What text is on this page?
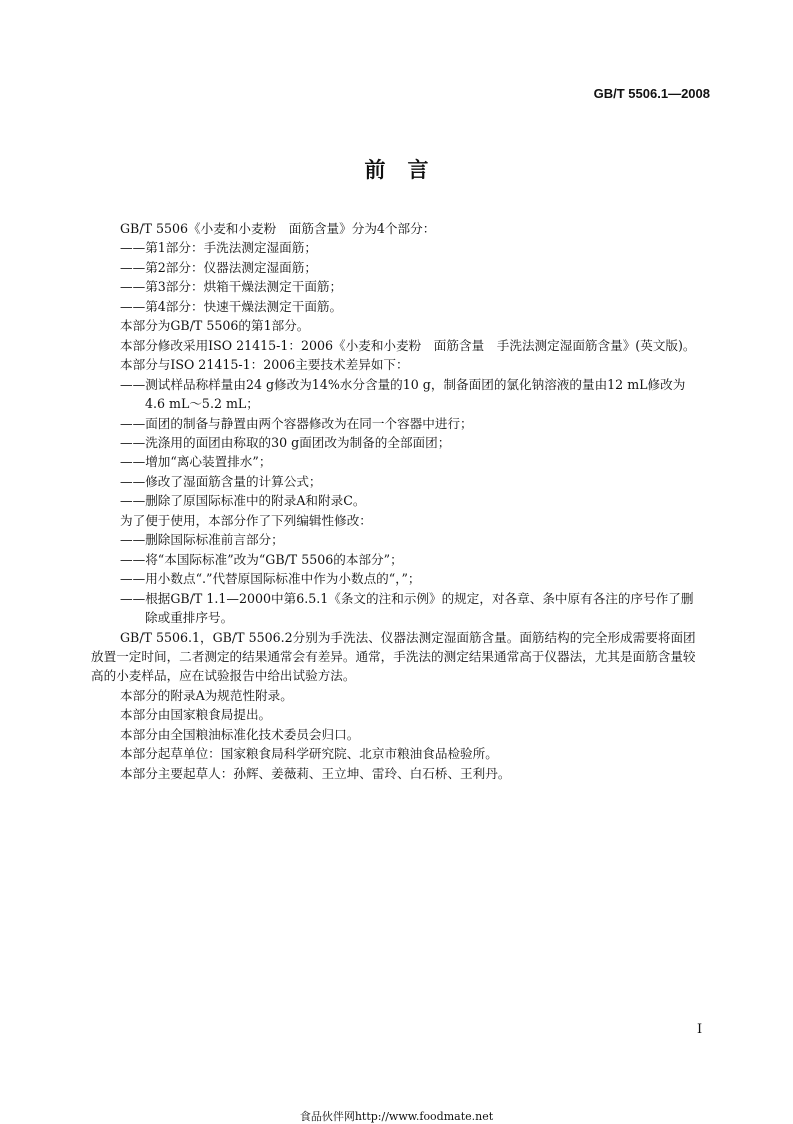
GB/T 5506.1—2008
前言

GB/T 5506《小麦和小麦粉　面筋含量》分为4个部分：

——第1部分：手洗法测定湿面筋；

——第2部分：仪器法测定湿面筋；

——第3部分：烘箱干燥法测定干面筋；

——第4部分：快速干燥法测定干面筋。

本部分为GB/T 5506的第1部分。

本部分修改采用ISO 21415-1：2006《小麦和小麦粉　面筋含量　手洗法测定湿面筋含量》(英文版)。

本部分与ISO 21415-1：2006主要技术差异如下：

——测试样品称样量由24 g修改为14%水分含量的10 g，制备面团的氯化钠溶液的量由12 mL修改为4.6 mL～5.2 mL；

——面团的制备与静置由两个容器修改为在同一个容器中进行；

——洗涤用的面团由称取的30 g面团改为制备的全部面团；

——增加“离心装置排水”；

——修改了湿面筋含量的计算公式；

——删除了原国际标准中的附录A和附录C。

为了便于使用，本部分作了下列编辑性修改：

——删除国际标准前言部分；

——将“本国际标准”改为“GB/T 5506的本部分”；

——用小数点“.”代替原国际标准中作为小数点的“，”；

——根据GB/T 1.1—2000中第6.5.1《条文的注和示例》的规定，对各章、条中原有各注的序号作了删除或重排序号。

GB/T 5506.1，GB/T 5506.2分别为手洗法、仪器法测定湿面筋含量。面筋结构的完全形成需要将面团放置一定时间，二者测定的结果通常会有差异。通常，手洗法的测定结果通常高于仪器法，尤其是面筋含量较高的小麦样品，应在试验报告中给出试验方法。

本部分的附录A为规范性附录。

本部分由国家粮食局提出。

本部分由全国粮油标准化技术委员会归口。

本部分起草单位：国家粮食局科学研究院、北京市粮油食品检验所。

本部分主要起草人：孙辉、姜薇莉、王立坤、雷玲、白石桥、王利丹。

I
食品伙伴网http://www.foodmate.net
